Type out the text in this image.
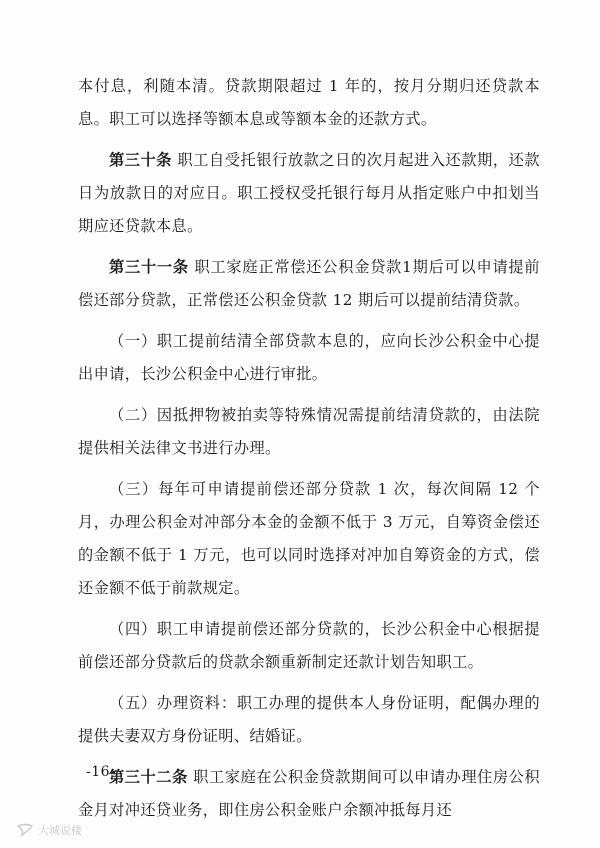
本付息，利随本清。贷款期限超过 1 年的，按月分期归还贷款本息。职工可以选择等额本息或等额本金的还款方式。

第三十条 职工自受托银行放款之日的次月起进入还款期，还款日为放款日的对应日。职工授权受托银行每月从指定账户中扣划当期应还贷款本息。

第三十一条 职工家庭正常偿还公积金贷款1期后可以申请提前偿还部分贷款，正常偿还公积金贷款 12 期后可以提前结清贷款。

（一）职工提前结清全部贷款本息的，应向长沙公积金中心提出申请，长沙公积金中心进行审批。

（二）因抵押物被拍卖等特殊情况需提前结清贷款的，由法院提供相关法律文书进行办理。

（三）每年可申请提前偿还部分贷款 1 次，每次间隔 12 个月，办理公积金对冲部分本金的金额不低于 3 万元，自筹资金偿还的金额不低于 1 万元，也可以同时选择对冲加自筹资金的方式，偿还金额不低于前款规定。

（四）职工申请提前偿还部分贷款的，长沙公积金中心根据提前偿还部分贷款后的贷款余额重新制定还款计划告知职工。

（五）办理资料：职工办理的提供本人身份证明，配偶办理的提供夫妻双方身份证明、结婚证。

第三十二条 职工家庭在公积金贷款期间可以申请办理住房公积金月对冲还贷业务，即住房公积金账户余额冲抵每月还

-16-
大城说楼
